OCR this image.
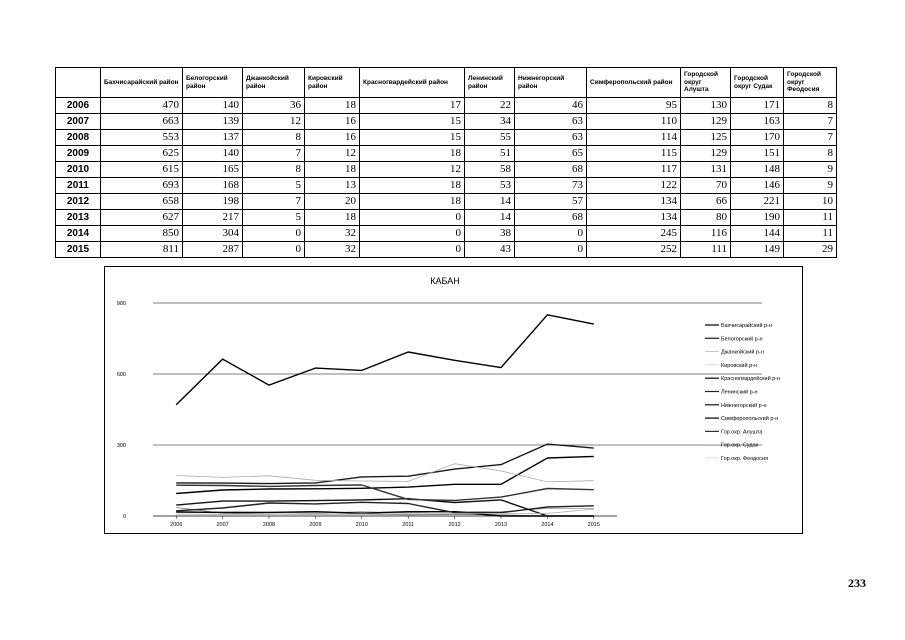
	Бахчисарайский район	Белогорский район	Джанкойский район	Кировский район	Красногвардейский район	Ленинский район	Нижнегорский район	Симферопольский район	Городской округ Алушта	Городской округ Судак	Городской округ Феодосия
2006	470	140	36	18	17	22	46	95	130	171	8
2007	663	139	12	16	15	34	63	110	129	163	7
2008	553	137	8	16	15	55	63	114	125	170	7
2009	625	140	7	12	18	51	65	115	129	151	8
2010	615	165	8	18	12	58	68	117	131	148	9
2011	693	168	5	13	18	53	73	122	70	146	9
2012	658	198	7	20	18	14	57	134	66	221	10
2013	627	217	5	18	0	14	68	134	80	190	11
2014	850	304	0	32	0	38	0	245	116	144	11
2015	811	287	0	32	0	43	0	252	111	149	29
КАБАН
0
300
600
900
2006	2007	2008	2009	2010	2011	2012	2013	2014	2015
Бахчисарайский р-н
Белогорский р-н
Джанкойский р-н
Кировский р-н
Красногвардейский р-н
Ленинский р-н
Нижнегорский р-н
Симферопольский р-н
Гор.окр. Алушта
Гор.окр. Судак
Гор.окр. Феодосия
233
